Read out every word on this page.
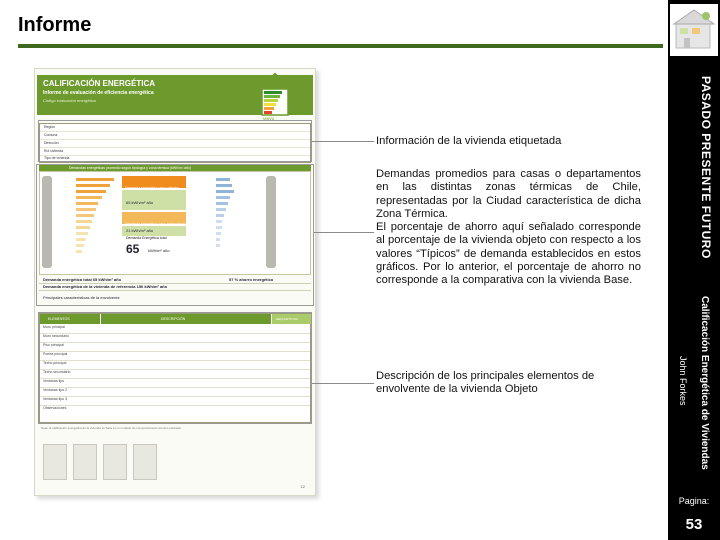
Informe
PASADO PRESENTE FUTURO
Calificación Energética de Viviendas
John Forkes
Pagina:
53
CALIFICACIÓN ENERGÉTICA
Informe de evaluación de eficiencia energética
Código evaluación energética
MINVU
Región
Comuna
Dirección
Rol vivienda
Tipo de vivienda
Demandas energéticas promedio según tipología y zona térmica (kWh/m² año)
Demanda energética para calentar
65 kWh/m² año
Demanda energética para enfriamiento
21 kWh/m² año
Demanda Energética total
65 kWh/m² año
Demanda energética total 65 kWh/m² año
Demanda energética de la vivienda de referencia 150 kWh/m² año
57 % ahorro energético
Principales características de la envolvente
ELEMENTOS	DESCRIPCIÓN	REQUISITO OG
Muro principal
Muro secundario
Piso principal
Puerta principal
Techo principal
Techo secundario
Ventanas tipo
Ventanas tipo 2
Ventanas tipo 3
Observaciones
Nota: la calificación energética de la vivienda se basa en un modelo de comportamiento térmico estándar.
12
Información de la vivienda etiquetada
Demandas promedios para casas o departamentos en las distintas zonas térmicas de Chile, representadas por la Ciudad característica de dicha Zona Térmica.
El porcentaje de ahorro aquí señalado corresponde al porcentaje de la vivienda objeto con respecto a los valores “Típicos” de demanda establecidos en estos gráficos. Por lo anterior, el porcentaje de ahorro no corresponde a la comparativa con la vivienda Base.
Descripción de los principales elementos de envolvente de la vivienda Objeto
